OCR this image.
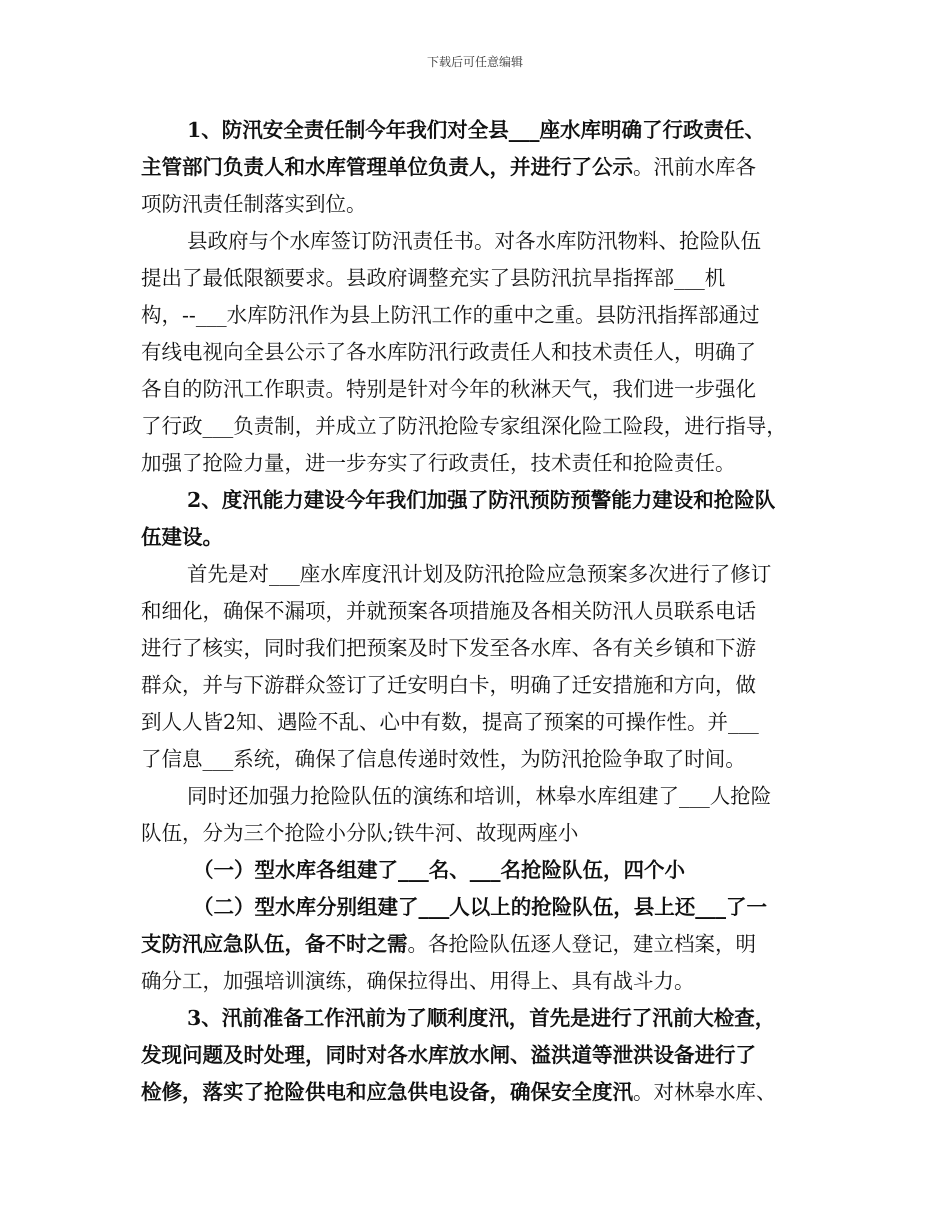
下载后可任意编辑
1、防汛安全责任制今年我们对全县___座水库明确了行政责任、
主管部门负责人和水库管理单位负责人，并进行了公示。汛前水库各
项防汛责任制落实到位。
县政府与个水库签订防汛责任书。对各水库防汛物料、抢险队伍
提出了最低限额要求。县政府调整充实了县防汛抗旱指挥部___机
构，--___水库防汛作为县上防汛工作的重中之重。县防汛指挥部通过
有线电视向全县公示了各水库防汛行政责任人和技术责任人，明确了
各自的防汛工作职责。特别是针对今年的秋淋天气，我们进一步强化
了行政___负责制，并成立了防汛抢险专家组深化险工险段，进行指导，
加强了抢险力量，进一步夯实了行政责任，技术责任和抢险责任。
2、度汛能力建设今年我们加强了防汛预防预警能力建设和抢险队
伍建设。
首先是对___座水库度汛计划及防汛抢险应急预案多次进行了修订
和细化，确保不漏项，并就预案各项措施及各相关防汛人员联系电话
进行了核实，同时我们把预案及时下发至各水库、各有关乡镇和下游
群众，并与下游群众签订了迁安明白卡，明确了迁安措施和方向，做
到人人皆2知、遇险不乱、心中有数，提高了预案的可操作性。并___
了信息___系统，确保了信息传递时效性，为防汛抢险争取了时间。
同时还加强力抢险队伍的演练和培训，林皋水库组建了___人抢险
队伍，分为三个抢险小分队;铁牛河、故现两座小
（一）型水库各组建了___名、___名抢险队伍，四个小
（二）型水库分别组建了___人以上的抢险队伍，县上还___了一
支防汛应急队伍，备不时之需。各抢险队伍逐人登记，建立档案，明
确分工，加强培训演练，确保拉得出、用得上、具有战斗力。
3、汛前准备工作汛前为了顺利度汛，首先是进行了汛前大检查，
发现问题及时处理，同时对各水库放水闸、溢洪道等泄洪设备进行了
检修，落实了抢险供电和应急供电设备，确保安全度汛。对林皋水库、
